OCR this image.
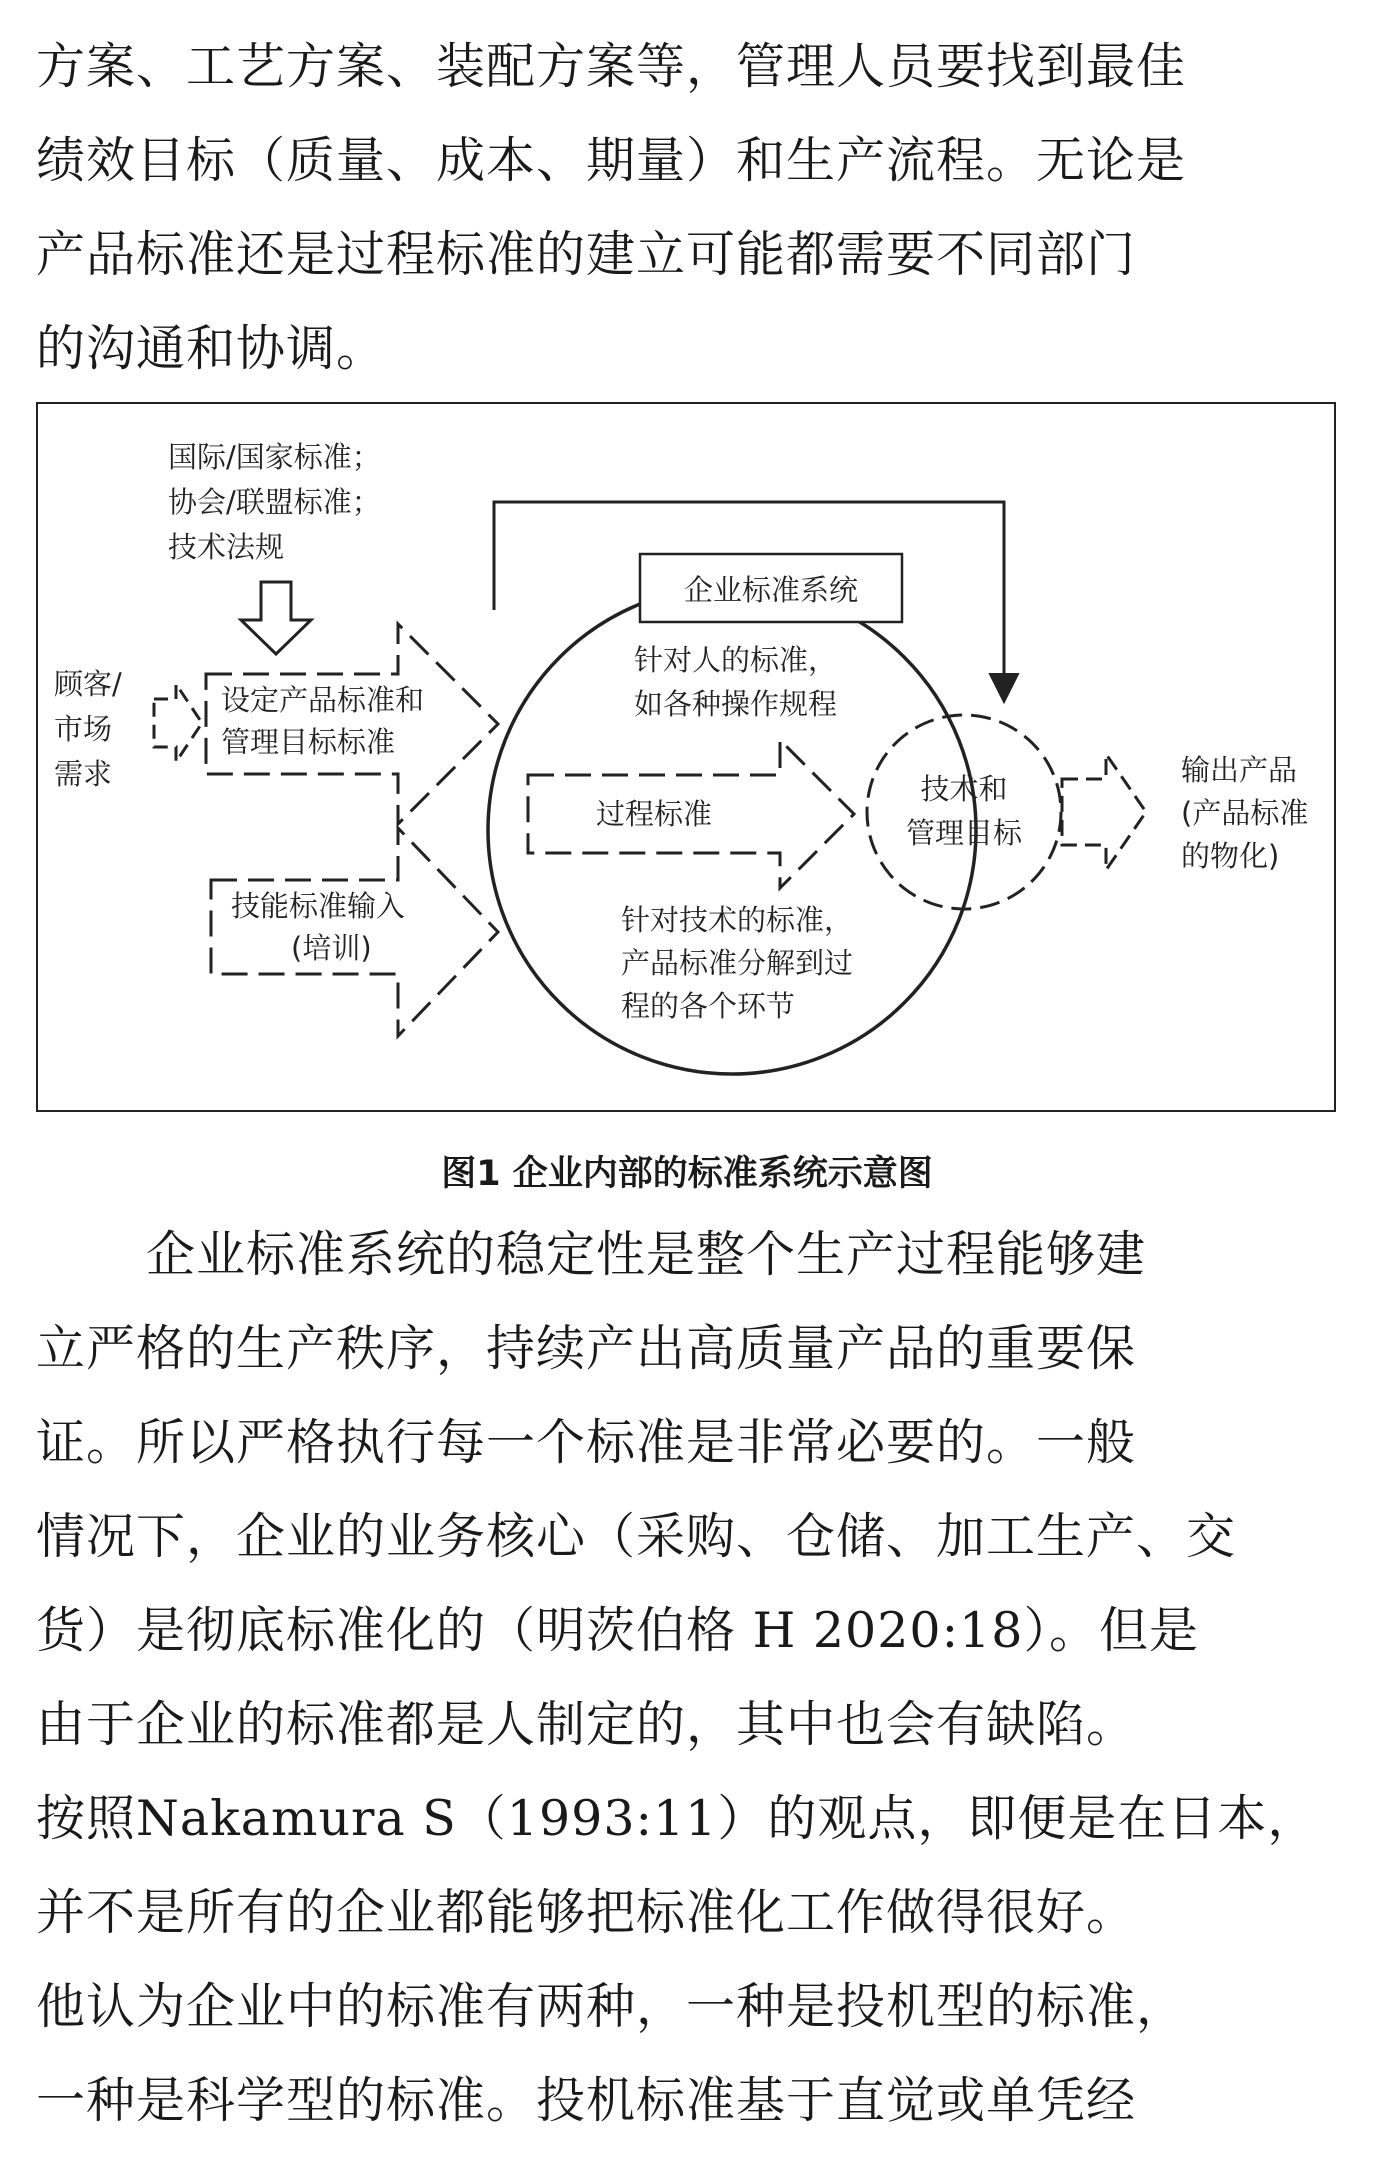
方案、工艺方案、装配方案等，管理人员要找到最佳
绩效目标（质量、成本、期量）和生产流程。无论是
产品标准还是过程标准的建立可能都需要不同部门
的沟通和协调。
国际/国家标准；
协会/联盟标准；
技术法规
顾客/
市场
需求
设定产品标准和
管理目标标准
技能标准输入
(培训)
企业标准系统
针对人的标准，
如各种操作规程
过程标准
技术和
管理目标
针对技术的标准，
产品标准分解到过
程的各个环节
输出产品
(产品标准
的物化)
图1 企业内部的标准系统示意图
企业标准系统的稳定性是整个生产过程能够建
立严格的生产秩序，持续产出高质量产品的重要保
证。所以严格执行每一个标准是非常必要的。一般
情况下，企业的业务核心（采购、仓储、加工生产、交
货）是彻底标准化的（明茨伯格 H 2020:18）。但是
由于企业的标准都是人制定的，其中也会有缺陷。
按照Nakamura S（1993:11）的观点，即便是在日本，
并不是所有的企业都能够把标准化工作做得很好。
他认为企业中的标准有两种，一种是投机型的标准，
一种是科学型的标准。投机标准基于直觉或单凭经
